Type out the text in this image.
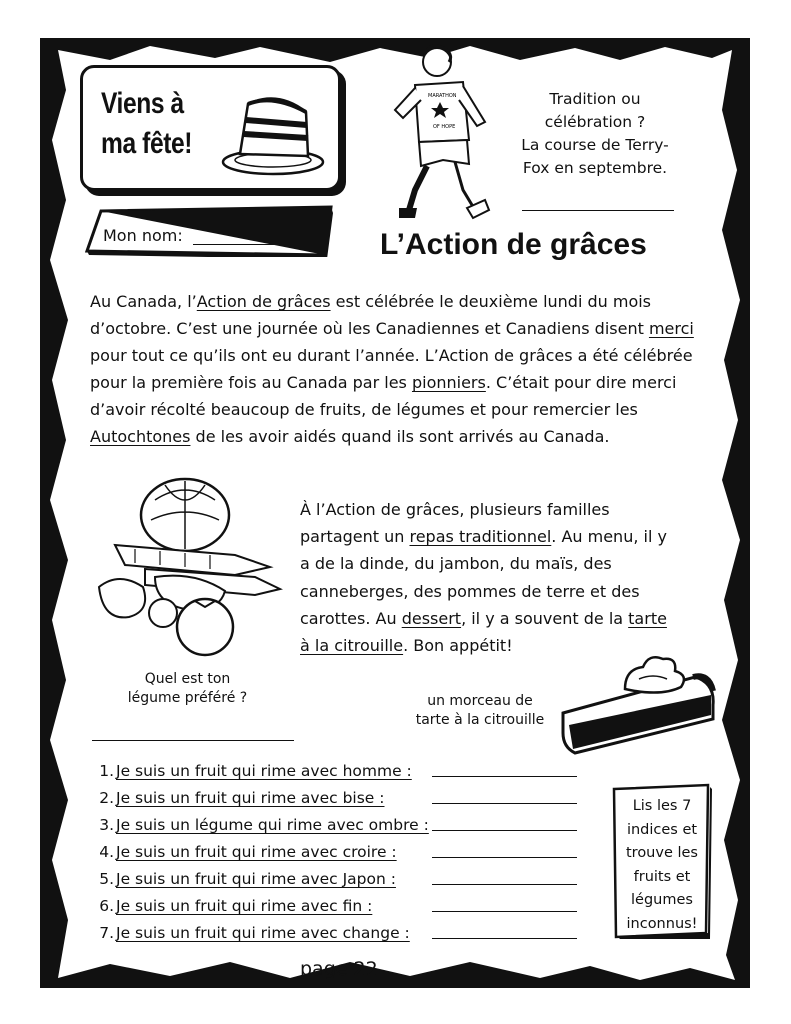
Viens à
ma fête!
MARATHON
OF HOPE
Tradition ou
célébration ?
La course de Terry-
Fox en septembre.
Mon nom:	L’Action de grâces
Au Canada, l’Action de grâces est célébrée le deuxième lundi du mois d’octobre. C’est une journée où les Canadiennes et Canadiens disent merci pour tout ce qu’ils ont eu durant l’année. L’Action de grâces a été célébrée pour la première fois au Canada par les pionniers. C’était pour dire merci d’avoir récolté beaucoup de fruits, de légumes et pour remercier les Autochtones de les avoir aidés quand ils sont arrivés au Canada.
À l’Action de grâces, plusieurs familles partagent un repas traditionnel. Au menu, il y a de la dinde, du jambon, du maïs, des canneberges, des pommes de terre et des carottes. Au dessert, il y a souvent de la tarte à la citrouille. Bon appétit!
Quel est ton
légume préféré ?	un morceau de
tarte à la citrouille
1. Je suis un fruit qui rime avec homme :
2. Je suis un fruit qui rime avec bise :
3. Je suis un légume qui rime avec ombre :
4. Je suis un fruit qui rime avec croire :
5. Je suis un fruit qui rime avec Japon :
6. Je suis un fruit qui rime avec fin :
7. Je suis un fruit qui rime avec change :
Lis les 7
indices et
trouve les
fruits et
légumes
inconnus!
page 22
